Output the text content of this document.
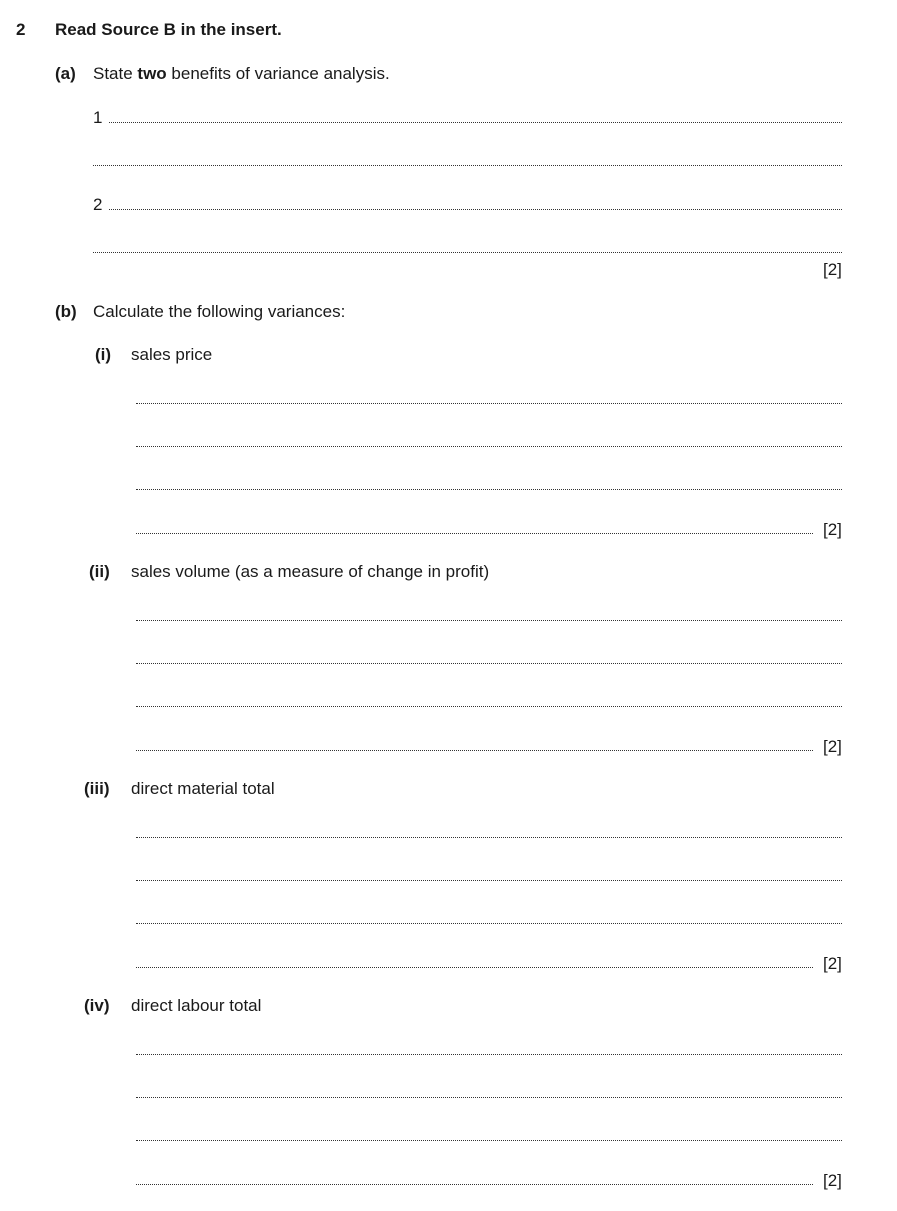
2 Read Source B in the insert.
(a) State two benefits of variance analysis.
1
2
[2]
(b) Calculate the following variances:
(i) sales price
[2]
(ii) sales volume (as a measure of change in profit)
[2]
(iii) direct material total
[2]
(iv) direct labour total
[2]
